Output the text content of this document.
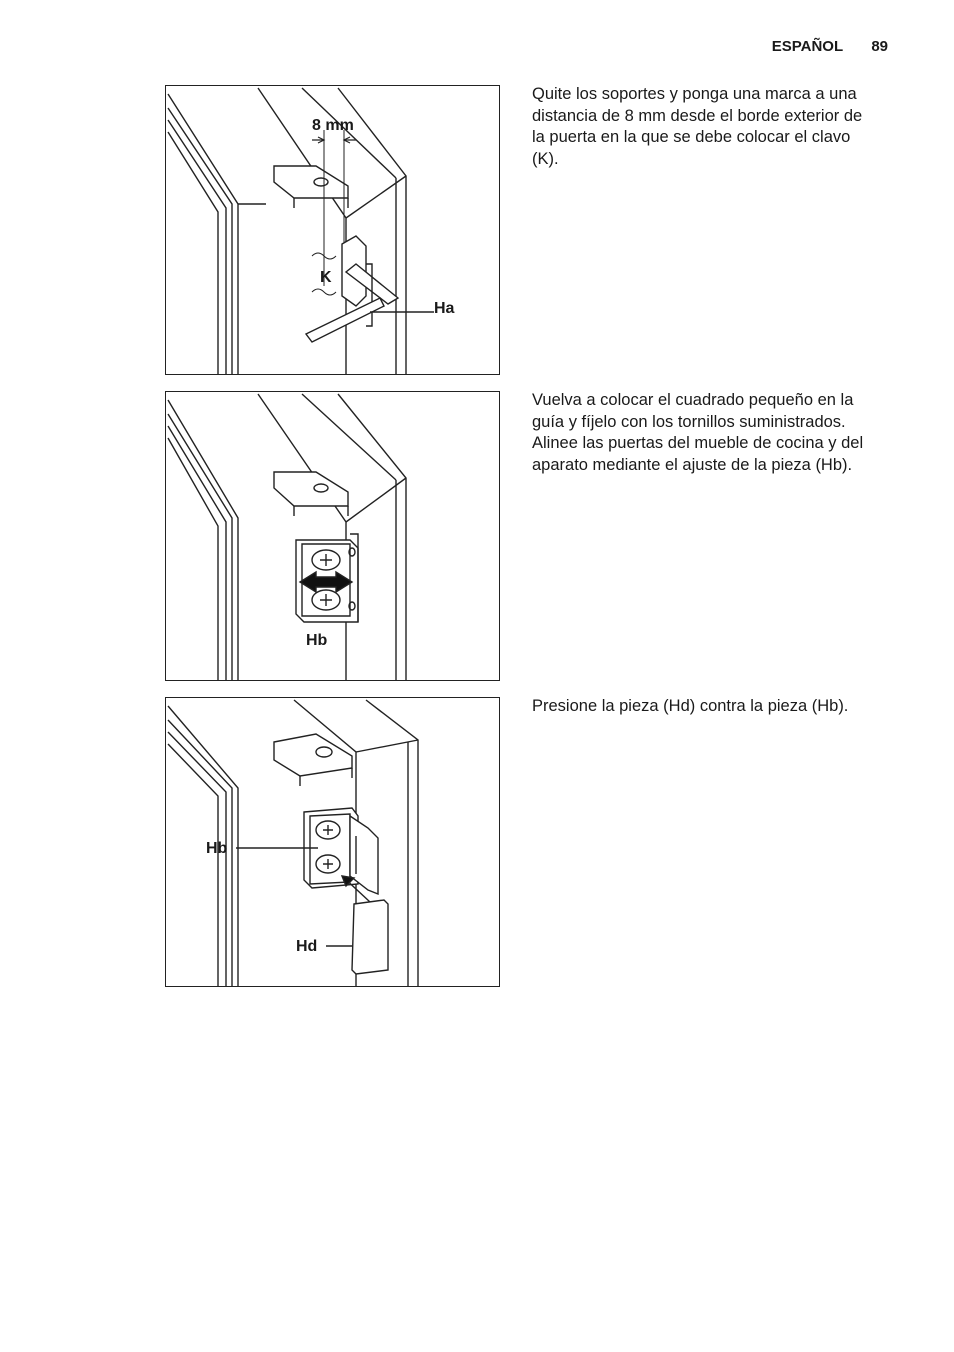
ESPAÑOL 89
8 mm
K
Ha

Quite los soportes y ponga una marca a una distancia de 8 mm desde el borde exterior de la puerta en la que se debe colocar el clavo (K).

Hb

Vuelva a colocar el cuadrado pequeño en la guía y fíjelo con los tornillos suministrados.

Alinee las puertas del mueble de cocina y del aparato mediante el ajuste de la pieza (Hb).

Hb
Hd

Presione la pieza (Hd) contra la pieza (Hb).
